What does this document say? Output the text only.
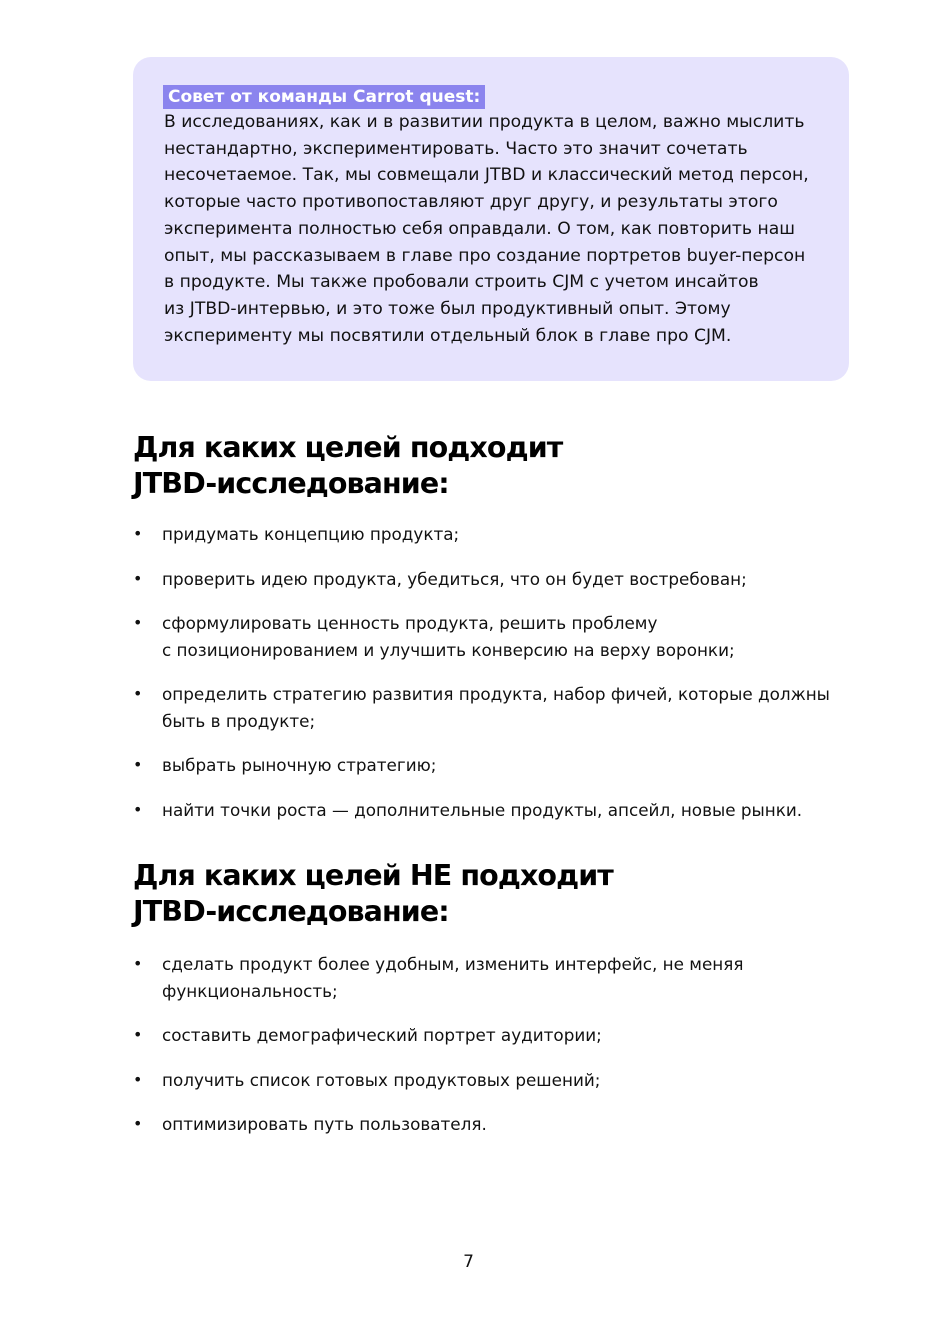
Совет от команды Carrot quest:

В исследованиях, как и в развитии продукта в целом, важно мыслить
нестандартно, экспериментировать. Часто это значит сочетать
несочетаемое. Так, мы совмещали JTBD и классический метод персон,
которые часто противопоставляют друг другу, и результаты этого
эксперимента полностью себя оправдали. О том, как повторить наш
опыт, мы рассказываем в главе про создание портретов buyer-персон
в продукте. Мы также пробовали строить CJM с учетом инсайтов
из JTBD-интервью, и это тоже был продуктивный опыт. Этому
эксперименту мы посвятили отдельный блок в главе про CJM.

Для каких целей подходит
JTBD-исследование:
• придумать концепцию продукта;
• проверить идею продукта, убедиться, что он будет востребован;
• сформулировать ценность продукта, решить проблему
с позиционированием и улучшить конверсию на верху воронки;
• определить стратегию развития продукта, набор фичей, которые должны
быть в продукте;
• выбрать рыночную стратегию;
• найти точки роста — дополнительные продукты, апсейл, новые рынки.
Для каких целей НЕ подходит
JTBD-исследование:
• сделать продукт более удобным, изменить интерфейс, не меняя
функциональность;
• составить демографический портрет аудитории;
• получить список готовых продуктовых решений;
• оптимизировать путь пользователя.
7
